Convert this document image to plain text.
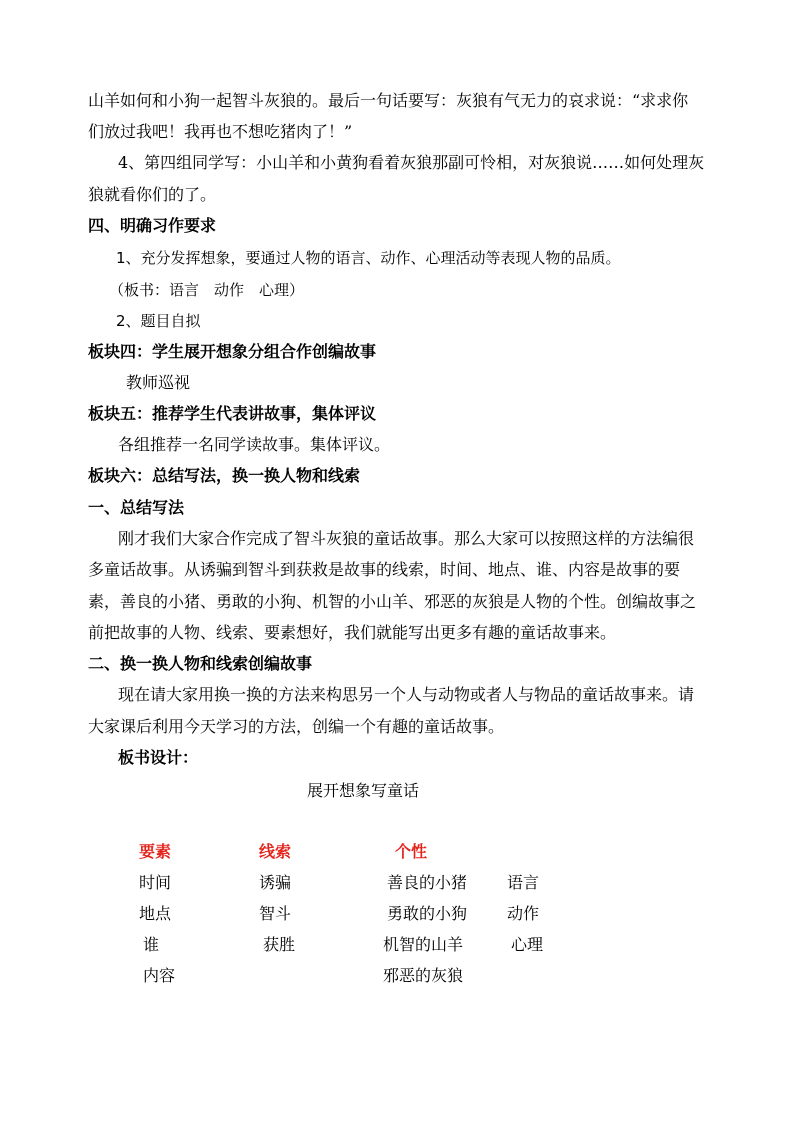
山羊如何和小狗一起智斗灰狼的。最后一句话要写：灰狼有气无力的哀求说：“求求你
们放过我吧！我再也不想吃猪肉了！”
4、第四组同学写：小山羊和小黄狗看着灰狼那副可怜相，对灰狼说……如何处理灰
狼就看你们的了。
四、明确习作要求
1、充分发挥想象，要通过人物的语言、动作、心理活动等表现人物的品质。
（板书：语言　动作　心理）
2、题目自拟
板块四：学生展开想象分组合作创编故事
教师巡视
板块五：推荐学生代表讲故事，集体评议
各组推荐一名同学读故事。集体评议。
板块六：总结写法，换一换人物和线索
一、总结写法
刚才我们大家合作完成了智斗灰狼的童话故事。那么大家可以按照这样的方法编很
多童话故事。从诱骗到智斗到获救是故事的线索，时间、地点、谁、内容是故事的要
素，善良的小猪、勇敢的小狗、机智的小山羊、邪恶的灰狼是人物的个性。创编故事之
前把故事的人物、线索、要素想好，我们就能写出更多有趣的童话故事来。
二、换一换人物和线索创编故事
现在请大家用换一换的方法来构思另一个人与动物或者人与物品的童话故事来。请
大家课后利用今天学习的方法，创编一个有趣的童话故事。
板书设计：
展开想象写童话
要素	线索	个性
时间
地点
谁
内容
诱骗
智斗
获胜
善良的小猪
勇敢的小狗
机智的山羊
邪恶的灰狼
语言
动作
心理
